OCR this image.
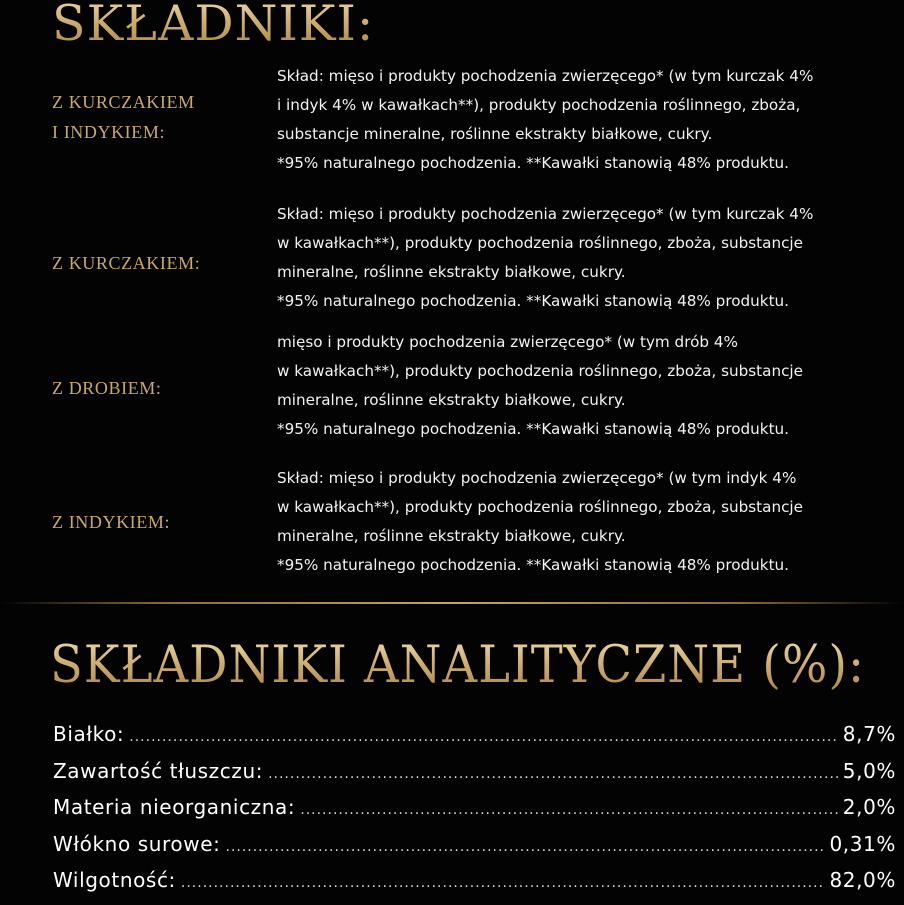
SKŁADNIKI:
Z KURCZAKIEM
I INDYKIEM:
Skład: mięso i produkty pochodzenia zwierzęcego* (w tym kurczak 4%
i indyk 4% w kawałkach**), produkty pochodzenia roślinnego, zboża,
substancje mineralne, roślinne ekstrakty białkowe, cukry.
*95% naturalnego pochodzenia. **Kawałki stanowią 48% produktu.
Z KURCZAKIEM:
Skład: mięso i produkty pochodzenia zwierzęcego* (w tym kurczak 4%
w kawałkach**), produkty pochodzenia roślinnego, zboża, substancje
mineralne, roślinne ekstrakty białkowe, cukry.
*95% naturalnego pochodzenia. **Kawałki stanowią 48% produktu.
Z DROBIEM:
mięso i produkty pochodzenia zwierzęcego* (w tym drób 4%
w kawałkach**), produkty pochodzenia roślinnego, zboża, substancje
mineralne, roślinne ekstrakty białkowe, cukry.
*95% naturalnego pochodzenia. **Kawałki stanowią 48% produktu.
Z INDYKIEM:
Skład: mięso i produkty pochodzenia zwierzęcego* (w tym indyk 4%
w kawałkach**), produkty pochodzenia roślinnego, zboża, substancje
mineralne, roślinne ekstrakty białkowe, cukry.
*95% naturalnego pochodzenia. **Kawałki stanowią 48% produktu.
SKŁADNIKI ANALITYCZNE (%):
Białko: .....	8,7%
Zawartość tłuszczu: .....	5,0%
Materia nieorganiczna: .....	2,0%
Włókno surowe: .....	0,31%
Wilgotność: .....	82,0%
